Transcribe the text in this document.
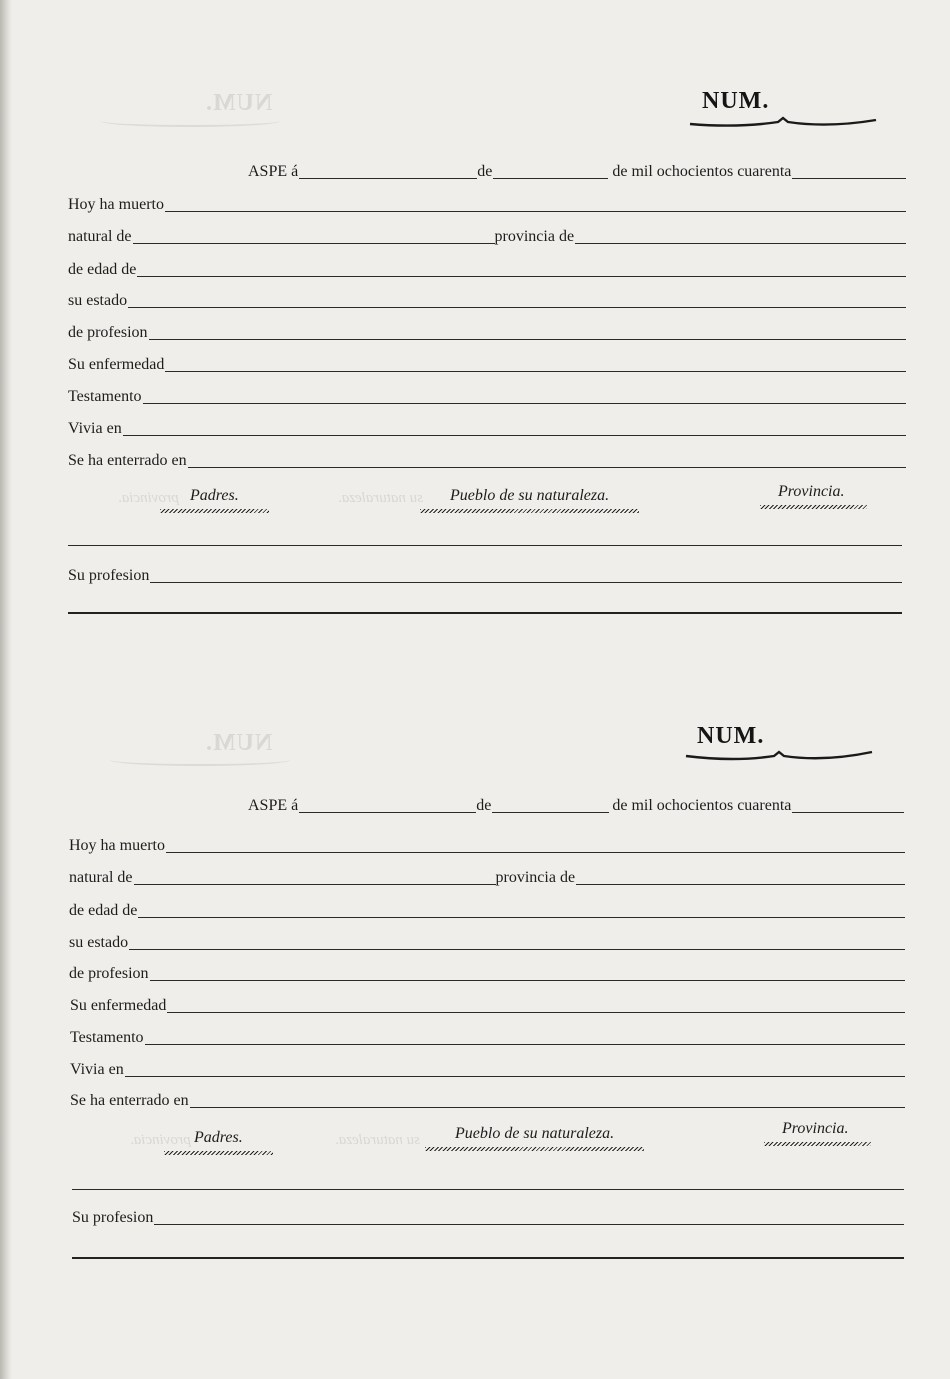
NUM.	NUM.
ASPE á	de	de mil ochocientos cuarenta
Hoy ha muerto
natural de	provincia de
de edad de
su estado
de profesion
Su enfermedad
Testamento
Vivia en
Se ha enterrado en
provincia.	su naturaleza.
Padres.	Pueblo de su naturaleza.	Provincia.
Su profesion
NUM.	NUM.
ASPE á	de	de mil ochocientos cuarenta
Hoy ha muerto
natural de	provincia de
de edad de
su estado
de profesion
Su enfermedad
Testamento
Vivia en
Se ha enterrado en
provincia.	su naturaleza.
Padres.	Pueblo de su naturaleza.	Provincia.
Su profesion
